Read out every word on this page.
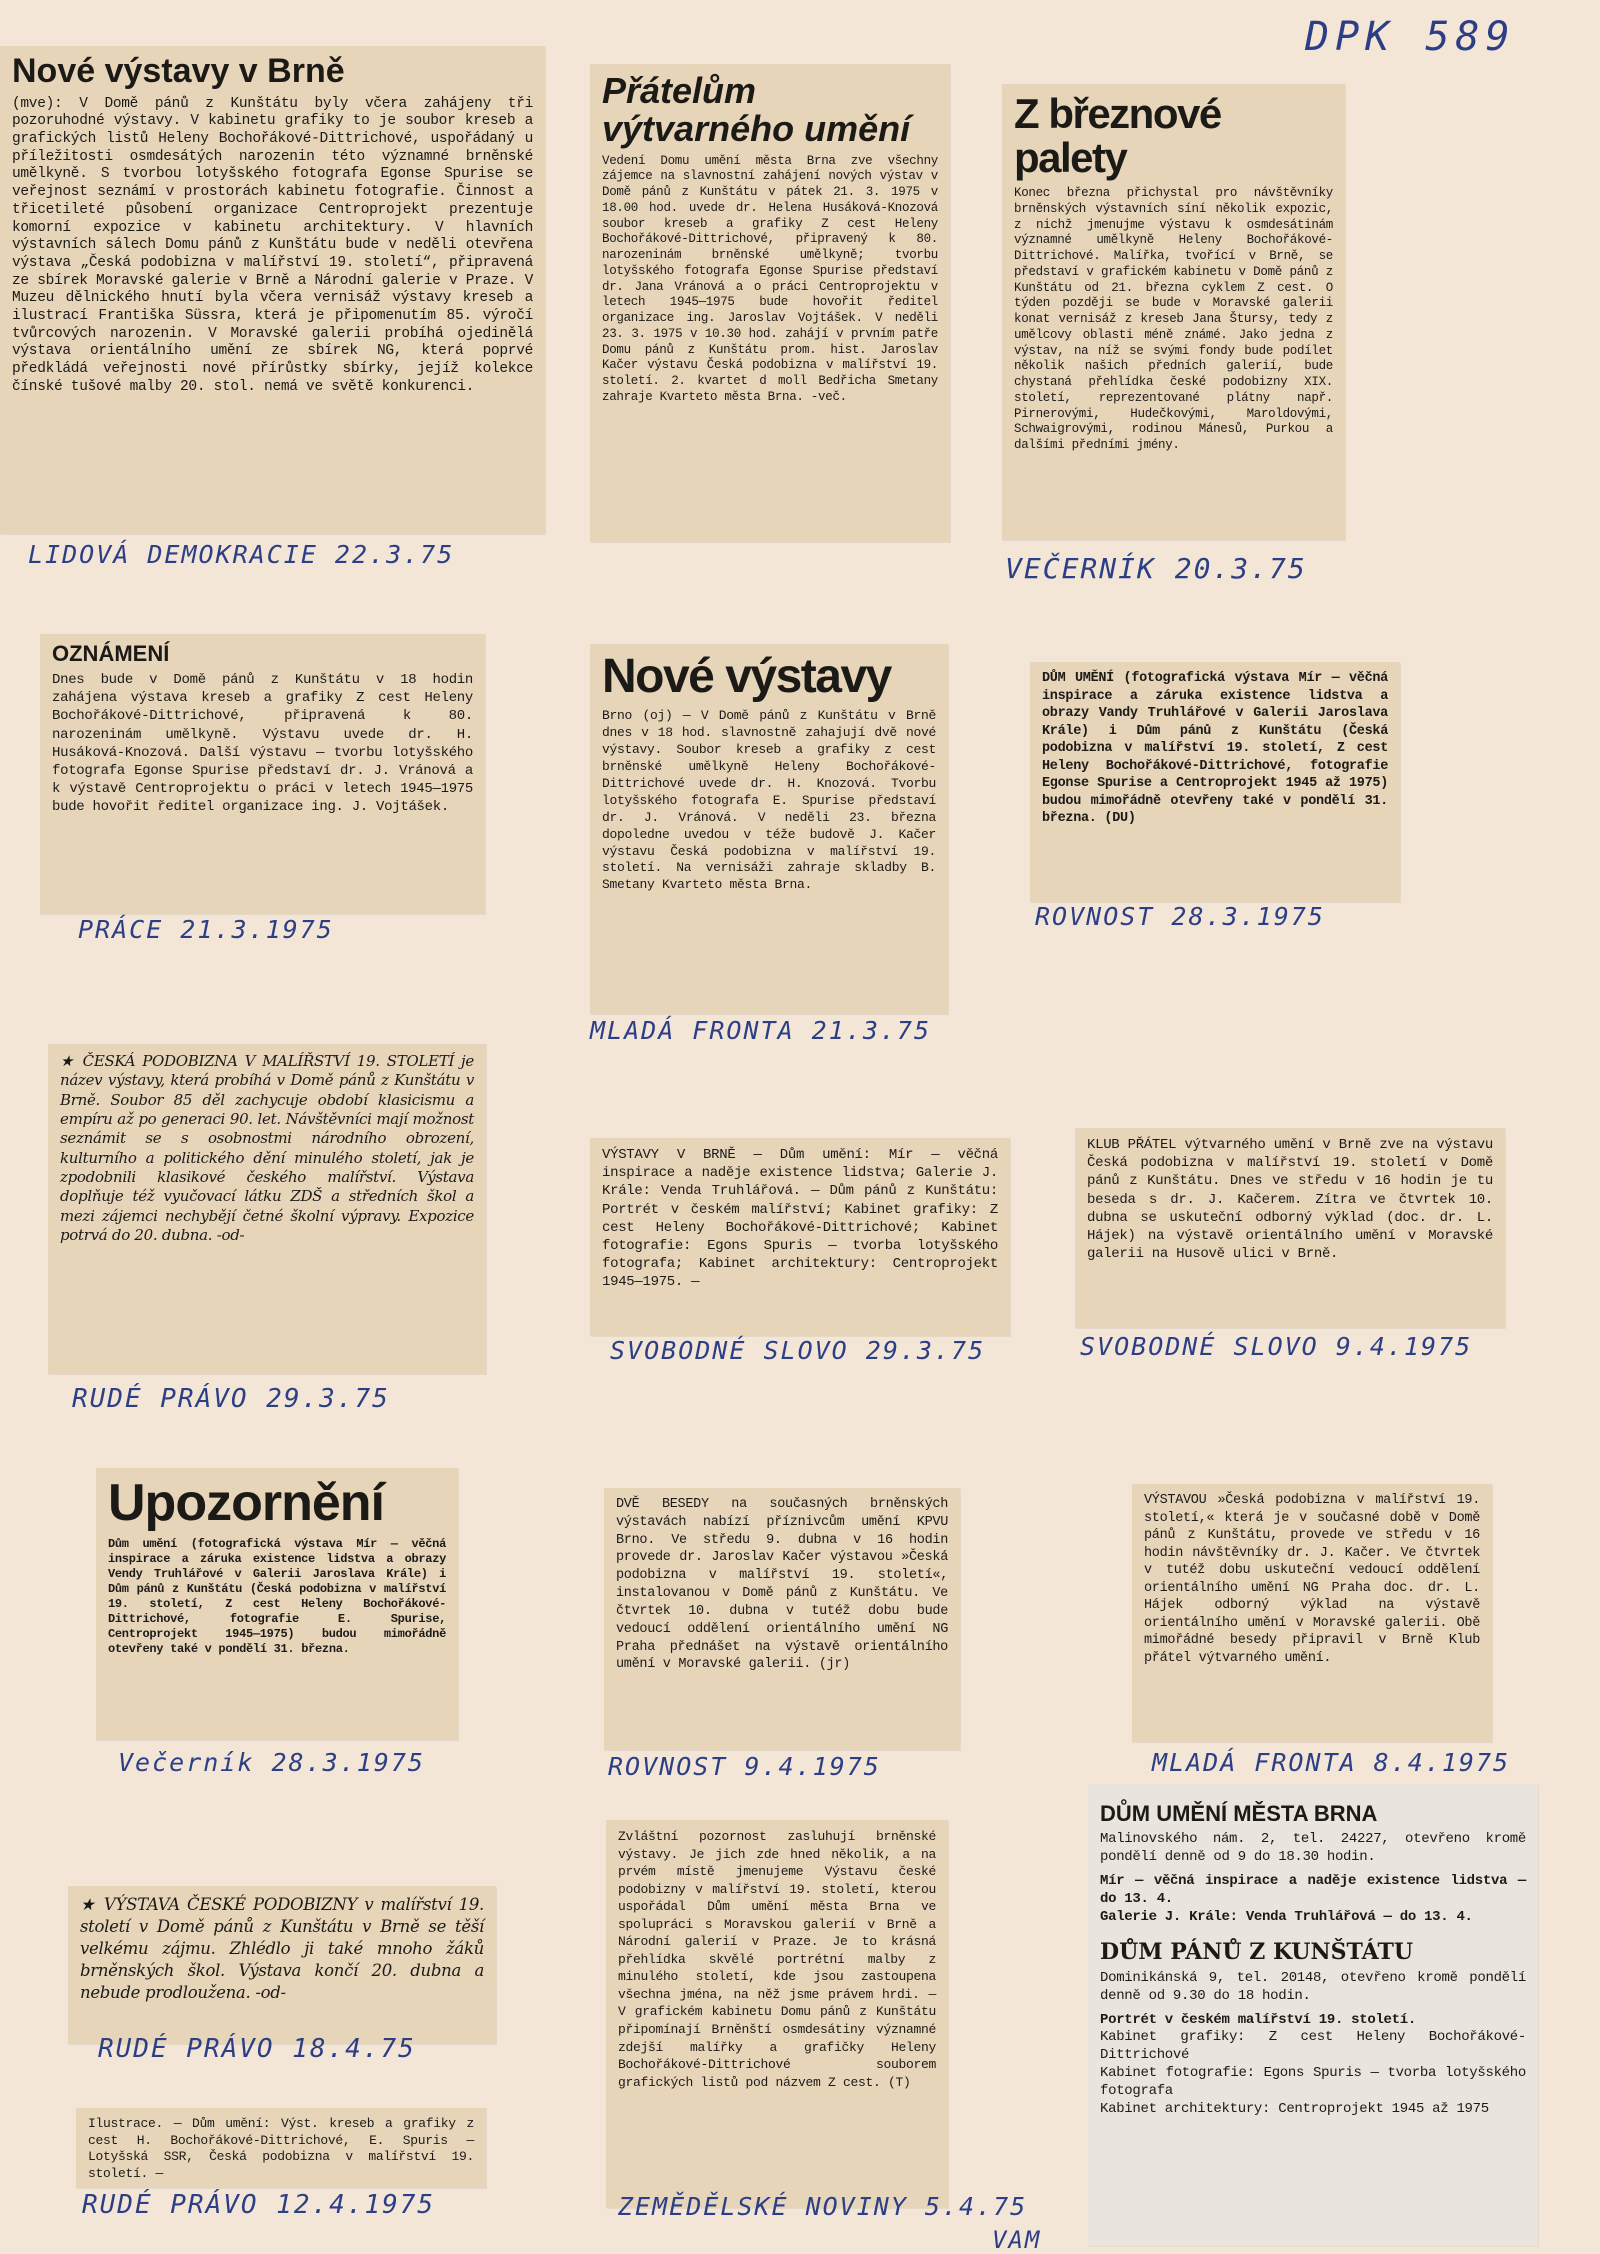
DPK 589
Nové výstavy v Brně

(mve): V Domě pánů z Kunštátu byly včera zahájeny tři pozoruhodné výstavy. V kabinetu grafiky to je soubor kreseb a grafických listů Heleny Bochořákové-Dittrichové, uspořádaný u příležitosti osmdesátých narozenin této významné brněnské umělkyně. S tvorbou lotyšského fotografa Egonse Spurise se veřejnost seznámí v prostorách kabinetu fotografie. Činnost a třicetileté působení organizace Centroprojekt prezentuje komorní expozice v kabinetu architektury. V hlavních výstavních sálech Domu pánů z Kunštátu bude v neděli otevřena výstava „Česká podobizna v malířství 19. století“, připravená ze sbírek Moravské galerie v Brně a Národní galerie v Praze. V Muzeu dělnického hnutí byla včera vernisáž výstavy kreseb a ilustrací Františka Süssra, která je připomenutím 85. výročí tvůrcových narozenin. V Moravské galerii probíhá ojedinělá výstava orientálního umění ze sbírek NG, která poprvé předkládá veřejnosti nové přírůstky sbírky, jejíž kolekce čínské tušové malby 20. stol. nemá ve světě konkurenci.

LIDOVÁ DEMOKRACIE 22.3.75
Přátelům výtvarného umění

Vedení Domu umění města Brna zve všechny zájemce na slavnostní zahájení nových výstav v Domě pánů z Kunštátu v pátek 21. 3. 1975 v 18.00 hod. uvede dr. Helena Husáková-Knozová soubor kreseb a grafiky Z cest Heleny Bochořákové-Dittrichové, připravený k 80. narozeninám brněnské umělkyně; tvorbu lotyšského fotografa Egonse Spurise představí dr. Jana Vránová a o práci Centroprojektu v letech 1945—1975 bude hovořit ředitel organizace ing. Jaroslav Vojtášek. V neděli 23. 3. 1975 v 10.30 hod. zahájí v prvním patře Domu pánů z Kunštátu prom. hist. Jaroslav Kačer výstavu Česká podobizna v malířství 19. století. 2. kvartet d moll Bedřicha Smetany zahraje Kvarteto města Brna. -več.

Z březnové palety

Konec března přichystal pro návštěvníky brněnských výstavních síní několik expozic, z nichž jmenujme výstavu k osmdesátinám významné umělkyně Heleny Bochořákové-Dittrichové. Malířka, tvořící v Brně, se představí v grafickém kabinetu v Domě pánů z Kunštátu od 21. března cyklem Z cest. O týden později se bude v Moravské galerii konat vernisáž z kreseb Jana Štursy, tedy z umělcovy oblasti méně známé. Jako jedna z výstav, na níž se svými fondy bude podílet několik našich předních galerií, bude chystaná přehlídka české podobizny XIX. století, reprezentované plátny např. Pirnerovými, Hudečkovými, Maroldovými, Schwaigrovými, rodinou Mánesů, Purkou a dalšími předními jmény.

VEČERNÍK 20.3.75
OZNÁMENÍ

Dnes bude v Domě pánů z Kunštátu v 18 hodin zahájena výstava kreseb a grafiky Z cest Heleny Bochořákové-Dittrichové, připravená k 80. narozeninám umělkyně. Výstavu uvede dr. H. Husáková-Knozová. Další výstavu — tvorbu lotyšského fotografa Egonse Spurise představí dr. J. Vránová a k výstavě Centroprojektu o práci v letech 1945—1975 bude hovořit ředitel organizace ing. J. Vojtášek.

PRÁCE 21.3.1975
Nové výstavy

Brno (oj) — V Domě pánů z Kunštátu v Brně dnes v 18 hod. slavnostně zahajují dvě nové výstavy. Soubor kreseb a grafiky z cest brněnské umělkyně Heleny Bochořákové-Dittrichové uvede dr. H. Knozová. Tvorbu lotyšského fotografa E. Spurise představí dr. J. Vránová. V neděli 23. března dopoledne uvedou v téže budově J. Kačer výstavu Česká podobizna v malířství 19. století. Na vernisáži zahraje skladby B. Smetany Kvarteto města Brna.

MLADÁ FRONTA 21.3.75

DŮM UMĚNÍ (fotografická výstava Mír — věčná inspirace a záruka existence lidstva a obrazy Vandy Truhlářové v Galerii Jaroslava Krále) i Dům pánů z Kunštátu (Česká podobizna v malířství 19. století, Z cest Heleny Bochořákové-Dittrichové, fotografie Egonse Spurise a Centroprojekt 1945 až 1975) budou mimořádně otevřeny také v pondělí 31. března. (DU)

ROVNOST 28.3.1975

★ ČESKÁ PODOBIZNA V MALÍŘSTVÍ 19. STOLETÍ je název výstavy, která probíhá v Domě pánů z Kunštátu v Brně. Soubor 85 děl zachycuje období klasicismu a empíru až po generaci 90. let. Návštěvníci mají možnost seznámit se s osobnostmi národního obrození, kulturního a politického dění minulého století, jak je zpodobnili klasikové českého malířství. Výstava doplňuje též vyučovací látku ZDŠ a středních škol a mezi zájemci nechybějí četné školní výpravy. Expozice potrvá do 20. dubna. -od-

RUDÉ PRÁVO 29.3.75

VÝSTAVY V BRNĚ — Dům umění: Mír — věčná inspirace a naděje existence lidstva; Galerie J. Krále: Venda Truhlářová. — Dům pánů z Kunštátu: Portrét v českém malířství; Kabinet grafiky: Z cest Heleny Bochořákové-Dittrichové; Kabinet fotografie: Egons Spuris — tvorba lotyšského fotografa; Kabinet architektury: Centroprojekt 1945—1975. —

SVOBODNÉ SLOVO 29.3.75

KLUB PŘÁTEL výtvarného umění v Brně zve na výstavu Česká podobizna v malířství 19. století v Domě pánů z Kunštátu. Dnes ve středu v 16 hodin je tu beseda s dr. J. Kačerem. Zítra ve čtvrtek 10. dubna se uskuteční odborný výklad (doc. dr. L. Hájek) na výstavě orientálního umění v Moravské galerii na Husově ulici v Brně.

SVOBODNÉ SLOVO 9.4.1975
Upozornění

Dům umění (fotografická výstava Mír — věčná inspirace a záruka existence lidstva a obrazy Vendy Truhlářové v Galerii Jaroslava Krále) i Dům pánů z Kunštátu (Česká podobizna v malířství 19. století, Z cest Heleny Bochořákové-Dittrichové, fotografie E. Spurise, Centroprojekt 1945—1975) budou mimořádně otevřeny také v pondělí 31. března.

Večerník 28.3.1975

DVĚ BESEDY na současných brněnských výstavách nabízí příznivcům umění KPVU Brno. Ve středu 9. dubna v 16 hodin provede dr. Jaroslav Kačer výstavou »Česká podobizna v malířství 19. století«, instalovanou v Domě pánů z Kunštátu. Ve čtvrtek 10. dubna v tutéž dobu bude vedoucí oddělení orientálního umění NG Praha přednášet na výstavě orientálního umění v Moravské galerii. (jr)

ROVNOST 9.4.1975

VÝSTAVOU »Česká podobizna v malířství 19. století,« která je v současné době v Domě pánů z Kunštátu, provede ve středu v 16 hodin návštěvníky dr. J. Kačer. Ve čtvrtek v tutéž dobu uskuteční vedoucí oddělení orientálního umění NG Praha doc. dr. L. Hájek odborný výklad na výstavě orientálního umění v Moravské galerii. Obě mimořádné besedy připravil v Brně Klub přátel výtvarného umění.

MLADÁ FRONTA 8.4.1975

★ VÝSTAVA ČESKÉ PODOBIZNY v malířství 19. století v Domě pánů z Kunštátu v Brně se těší velkému zájmu. Zhlédlo ji také mnoho žáků brněnských škol. Výstava končí 20. dubna a nebude prodloužena. -od-

RUDÉ PRÁVO 18.4.75

Zvláštní pozornost zasluhují brněnské výstavy. Je jich zde hned několik, a na prvém místě jmenujeme Výstavu české podobizny v malířství 19. století, kterou uspořádal Dům umění města Brna ve spolupráci s Moravskou galerií v Brně a Národní galerií v Praze. Je to krásná přehlídka skvělé portrétní malby z minulého století, kde jsou zastoupena všechna jména, na něž jsme právem hrdi. — V grafickém kabinetu Domu pánů z Kunštátu připomínají Brněnští osmdesátiny významné zdejší malířky a grafičky Heleny Bochořákové-Dittrichové souborem grafických listů pod názvem Z cest. (T)

ZEMĚDĚLSKÉ NOVINY 5.4.75

Ilustrace. — Dům umění: Výst. kreseb a grafiky z cest H. Bochořákové-Dittrichové, E. Spuris — Lotyšská SSR, Česká podobizna v malířství 19. století. —

RUDÉ PRÁVO 12.4.1975
DŮM UMĚNÍ MĚSTA BRNA

Malinovského nám. 2, tel. 24227, otevřeno kromě pondělí denně od 9 do 18.30 hodin.

Mír — věčná inspirace a naděje existence lidstva — do 13. 4.

Galerie J. Krále: Venda Truhlářová — do 13. 4.

DŮM PÁNŮ Z KUNŠTÁTU

Dominikánská 9, tel. 20148, otevřeno kromě pondělí denně od 9.30 do 18 hodin.

Portrét v českém malířství 19. století.

Kabinet grafiky: Z cest Heleny Bochořákové-Dittrichové

Kabinet fotografie: Egons Spuris — tvorba lotyšského fotografa

Kabinet architektury: Centroprojekt 1945 až 1975

VAM
